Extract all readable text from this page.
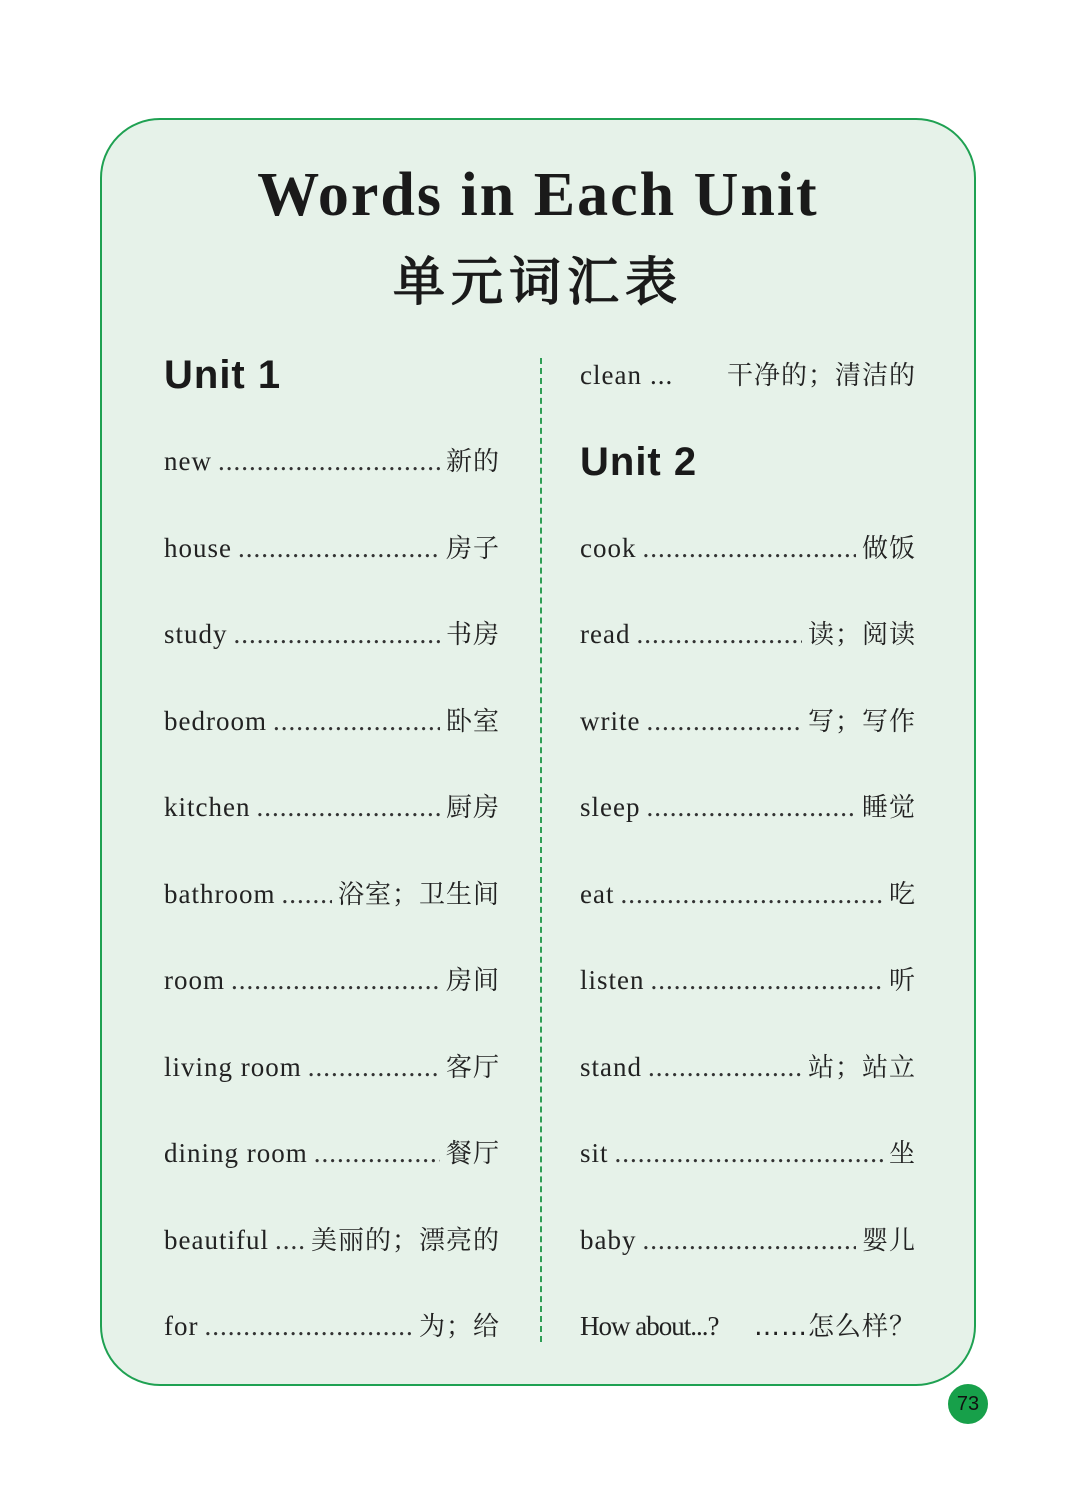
Words in Each Unit
单元词汇表
Unit 1
new .....	新的
house .....	房子
study .....	书房
bedroom .....	卧室
kitchen .....	厨房
bathroom ..... 浴室；卫生间
room .....	房间
living room .....	客厅
dining room .....	餐厅
beautiful ..... 美丽的；漂亮的
for .....	为；给
clean ... 干净的；清洁的
Unit 2
cook .....	做饭
read .....	读；阅读
write .....	写；写作
sleep .....	睡觉
eat .....	吃
listen .....	听
stand .....	站；站立
sit .....	坐
baby .....	婴儿
How about...? ……怎么样？
73
